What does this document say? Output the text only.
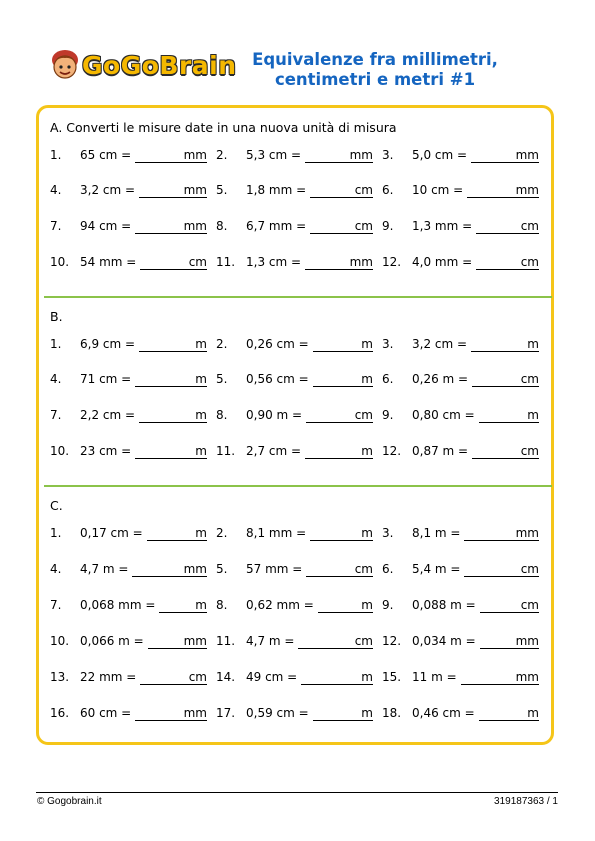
GoGoBrain Equivalenze fra millimetri,
centimetri e metri #1
A. Converti le misure date in una nuova unità di misura
B.
C.
1. 65 cm =	mm 2. 5,3 cm =	mm 3. 5,0 cm =	mm
4. 3,2 cm =	mm 5. 1,8 mm =	cm 6. 10 cm =	mm
7. 94 cm =	mm 8. 6,7 mm =	cm 9. 1,3 mm =	cm
10. 54 mm =	cm 11. 1,3 cm =	mm 12. 4,0 mm =	cm
1. 6,9 cm =	m 2. 0,26 cm =	m 3. 3,2 cm =	m
4. 71 cm =	m 5. 0,56 cm =	m 6. 0,26 m =	cm
7. 2,2 cm =	m 8. 0,90 m =	cm 9. 0,80 cm =	m
10. 23 cm =	m 11. 2,7 cm =	m 12. 0,87 m =	cm
1. 0,17 cm =	m 2. 8,1 mm =	m 3. 8,1 m =	mm
4. 4,7 m =	mm 5. 57 mm =	cm 6. 5,4 m =	cm
7. 0,068 mm =	m 8. 0,62 mm =	m 9. 0,088 m =	cm
10. 0,066 m =	mm 11. 4,7 m =	cm 12. 0,034 m =	mm
13. 22 mm =	cm 14. 49 cm =	m 15. 11 m =	mm
16. 60 cm =	mm 17. 0,59 cm =	m 18. 0,46 cm =	m
© Gogobrain.it	319187363 / 1
